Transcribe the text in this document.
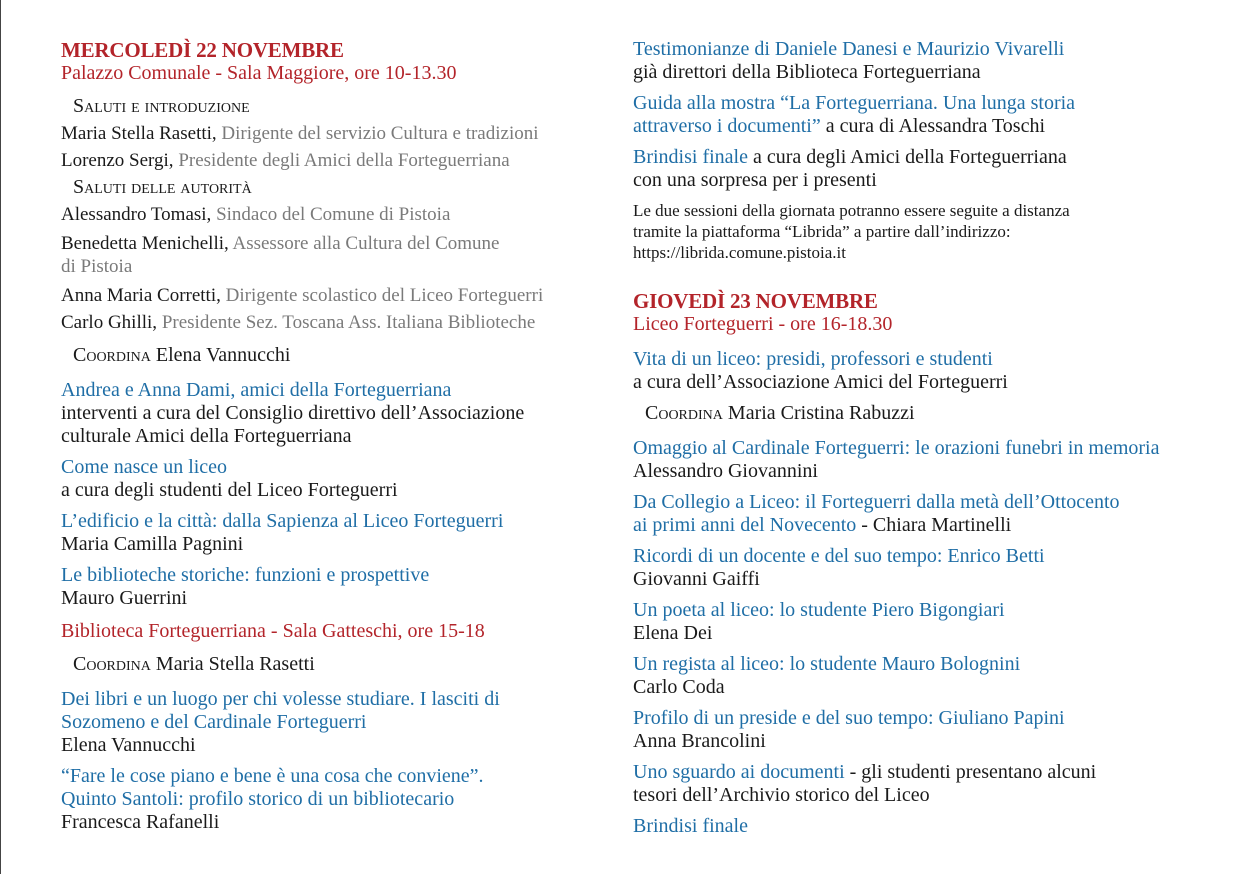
MERCOLEDÌ 22 NOVEMBRE
Palazzo Comunale - Sala Maggiore, ore 10-13.30
Saluti e introduzione
Maria Stella Rasetti, Dirigente del servizio Cultura e tradizioni
Lorenzo Sergi, Presidente degli Amici della Forteguerriana
Saluti delle autorità
Alessandro Tomasi, Sindaco del Comune di Pistoia
Benedetta Menichelli, Assessore alla Cultura del Comune
di Pistoia
Anna Maria Corretti, Dirigente scolastico del Liceo Forteguerri
Carlo Ghilli, Presidente Sez. Toscana Ass. Italiana Biblioteche
Coordina Elena Vannucchi
Andrea e Anna Dami, amici della Forteguerriana
interventi a cura del Consiglio direttivo dell’Associazione
culturale Amici della Forteguerriana
Come nasce un liceo
a cura degli studenti del Liceo Forteguerri
L’edificio e la città: dalla Sapienza al Liceo Forteguerri
Maria Camilla Pagnini
Le biblioteche storiche: funzioni e prospettive
Mauro Guerrini
Biblioteca Forteguerriana - Sala Gatteschi, ore 15-18
Coordina Maria Stella Rasetti
Dei libri e un luogo per chi volesse studiare. I lasciti di
Sozomeno e del Cardinale Forteguerri
Elena Vannucchi
“Fare le cose piano e bene è una cosa che conviene”.
Quinto Santoli: profilo storico di un bibliotecario
Francesca Rafanelli
Testimonianze di Daniele Danesi e Maurizio Vivarelli
già direttori della Biblioteca Forteguerriana
Guida alla mostra “La Forteguerriana. Una lunga storia
attraverso i documenti” a cura di Alessandra Toschi
Brindisi finale a cura degli Amici della Forteguerriana
con una sorpresa per i presenti
Le due sessioni della giornata potranno essere seguite a distanza
tramite la piattaforma “Librida” a partire dall’indirizzo:
https://librida.comune.pistoia.it
GIOVEDÌ 23 NOVEMBRE
Liceo Forteguerri - ore 16-18.30
Vita di un liceo: presidi, professori e studenti
a cura dell’Associazione Amici del Forteguerri
Coordina Maria Cristina Rabuzzi
Omaggio al Cardinale Forteguerri: le orazioni funebri in memoria
Alessandro Giovannini
Da Collegio a Liceo: il Forteguerri dalla metà dell’Ottocento
ai primi anni del Novecento - Chiara Martinelli
Ricordi di un docente e del suo tempo: Enrico Betti
Giovanni Gaiffi
Un poeta al liceo: lo studente Piero Bigongiari
Elena Dei
Un regista al liceo: lo studente Mauro Bolognini
Carlo Coda
Profilo di un preside e del suo tempo: Giuliano Papini
Anna Brancolini
Uno sguardo ai documenti - gli studenti presentano alcuni
tesori dell’Archivio storico del Liceo
Brindisi finale
